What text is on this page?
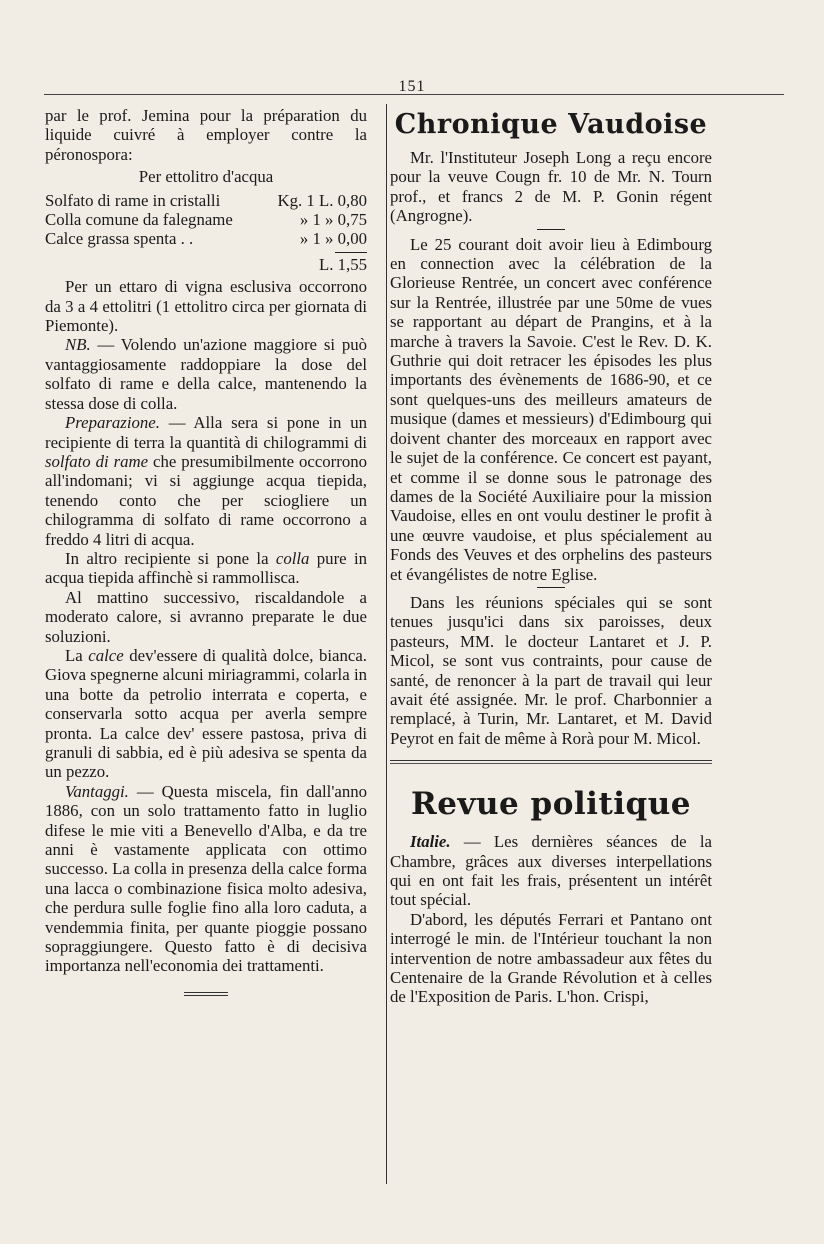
151

par le prof. Jemina pour la préparation du liquide cuivré à employer contre la péronospora:

Per ettolitro d'acqua

Solfato di rame in cristalli	Kg. 1 L. 0,80
Colla comune da falegname	» 1 » 0,75
Calce grassa spenta . .	» 1 » 0,00

L. 1,55

Per un ettaro di vigna esclusiva occorrono da 3 a 4 ettolitri (1 ettolitro circa per giornata di Piemonte).

NB. — Volendo un'azione maggiore si può vantaggiosamente raddoppiare la dose del solfato di rame e della calce, mantenendo la stessa dose di colla.

Preparazione. — Alla sera si pone in un recipiente di terra la quantità di chilogrammi di solfato di rame che presumibilmente occorrono all'indomani; vi si aggiunge acqua tiepida, tenendo conto che per sciogliere un chilogramma di solfato di rame occorrono a freddo 4 litri di acqua.

In altro recipiente si pone la colla pure in acqua tiepida affinchè si rammollisca.

Al mattino successivo, riscaldandole a moderato calore, si avranno preparate le due soluzioni.

La calce dev'essere di qualità dolce, bianca. Giova spegnerne alcuni miriagrammi, colarla in una botte da petrolio interrata e coperta, e conservarla sotto acqua per averla sempre pronta. La calce dev' essere pastosa, priva di granuli di sabbia, ed è più adesiva se spenta da un pezzo.

Vantaggi. — Questa miscela, fin dall'anno 1886, con un solo trattamento fatto in luglio difese le mie viti a Benevello d'Alba, e da tre anni è vastamente applicata con ottimo successo. La colla in presenza della calce forma una lacca o combinazione fisica molto adesiva, che perdura sulle foglie fino alla loro caduta, a vendemmia finita, per quante pioggie possano sopraggiungere. Questo fatto è di decisiva importanza nell'economia dei trattamenti.

Chronique Vaudoise

Mr. l'Instituteur Joseph Long a reçu encore pour la veuve Cougn fr. 10 de Mr. N. Tourn prof., et francs 2 de M. P. Gonin régent (Angrogne).

Le 25 courant doit avoir lieu à Edimbourg en connection avec la célébration de la Glorieuse Rentrée, un concert avec conférence sur la Rentrée, illustrée par une 50me de vues se rapportant au départ de Prangins, et à la marche à travers la Savoie. C'est le Rev. D. K. Guthrie qui doit retracer les épisodes les plus importants des évènements de 1686-90, et ce sont quelques-uns des meilleurs amateurs de musique (dames et messieurs) d'Edimbourg qui doivent chanter des morceaux en rapport avec le sujet de la conférence. Ce concert est payant, et comme il se donne sous le patronage des dames de la Société Auxiliaire pour la mission Vaudoise, elles en ont voulu destiner le profit à une œuvre vaudoise, et plus spécialement au Fonds des Veuves et des orphelins des pasteurs et évangélistes de notre Eglise.

Dans les réunions spéciales qui se sont tenues jusqu'ici dans six paroisses, deux pasteurs, MM. le docteur Lantaret et J. P. Micol, se sont vus contraints, pour cause de santé, de renoncer à la part de travail qui leur avait été assignée. Mr. le prof. Charbonnier a remplacé, à Turin, Mr. Lantaret, et M. David Peyrot en fait de même à Rorà pour M. Micol.

Revue politique

Italie. — Les dernières séances de la Chambre, grâces aux diverses interpellations qui en ont fait les frais, présentent un intérêt tout spécial.

D'abord, les députés Ferrari et Pantano ont interrogé le min. de l'Intérieur touchant la non intervention de notre ambassadeur aux fêtes du Centenaire de la Grande Révolution et à celles de l'Exposition de Paris. L'hon. Crispi,
